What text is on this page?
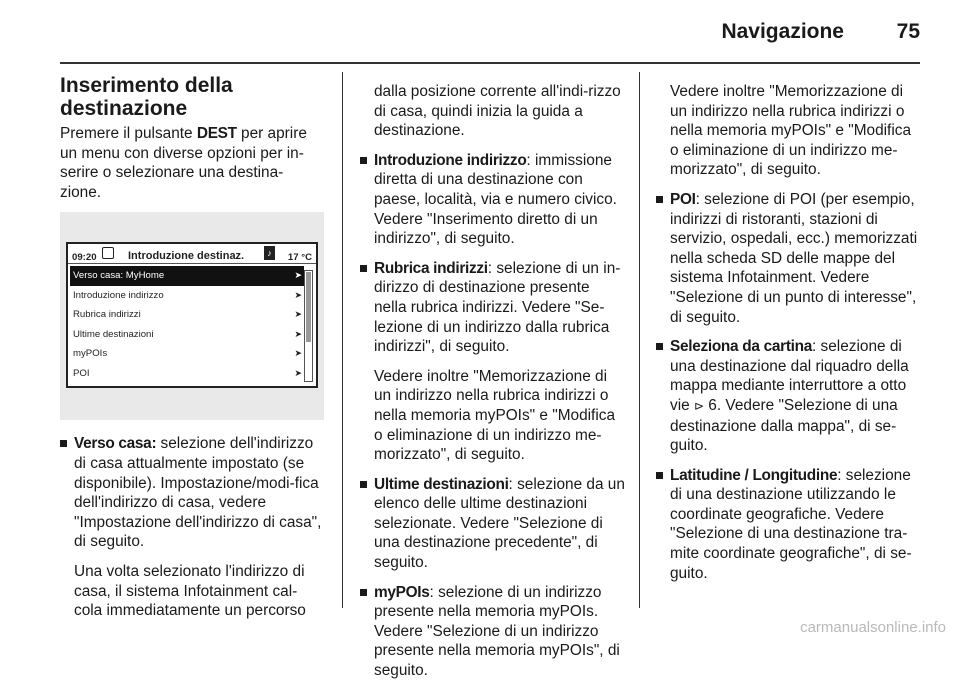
Navigazione	75
Inserimento della destinazione

Premere il pulsante DEST per aprire un menu con diverse opzioni per in-serire o selezionare una destina-zione.

09:20	Introduzione destinaz.	♪	17 °C
Verso casa: MyHome	➤
Introduzione indirizzo	➤
Rubrica indirizzi	➤
Ultime destinazioni	➤
myPOIs	➤
POI	➤
Verso casa: selezione dell'indirizzo di casa attualmente impostato (se disponibile). Impostazione/modi-fica dell'indirizzo di casa, vedere "Impostazione dell'indirizzo di casa", di seguito.
Una volta selezionato l'indirizzo di casa, il sistema Infotainment cal-cola immediatamente un percorso

dalla posizione corrente all'indi-rizzo di casa, quindi inizia la guida a destinazione.

Introduzione indirizzo: immissione diretta di una destinazione con paese, località, via e numero civico. Vedere "Inserimento diretto di un indirizzo", di seguito.
Rubrica indirizzi: selezione di un in-dirizzo di destinazione presente nella rubrica indirizzi. Vedere "Se-lezione di un indirizzo dalla rubrica indirizzi", di seguito.
Vedere inoltre "Memorizzazione di un indirizzo nella rubrica indirizzi o nella memoria myPOIs" e "Modifica o eliminazione di un indirizzo me-morizzato", di seguito.
Ultime destinazioni: selezione da un elenco delle ultime destinazioni selezionate. Vedere "Selezione di una destinazione precedente", di seguito.
myPOIs: selezione di un indirizzo presente nella memoria myPOIs. Vedere "Selezione di un indirizzo presente nella memoria myPOIs", di seguito.

Vedere inoltre "Memorizzazione di un indirizzo nella rubrica indirizzi o nella memoria myPOIs" e "Modifica o eliminazione di un indirizzo me-morizzato", di seguito.

POI: selezione di POI (per esempio, indirizzi di ristoranti, stazioni di servizio, ospedali, ecc.) memorizzati nella scheda SD delle mappe del sistema Infotainment. Vedere "Selezione di un punto di interesse", di seguito.
Seleziona da cartina: selezione di una destinazione dal riquadro della mappa mediante interruttore a otto vie ⊳ 6. Vedere "Selezione di una destinazione dalla mappa", di se-guito.
Latitudine / Longitudine: selezione di una destinazione utilizzando le coordinate geografiche. Vedere "Selezione di una destinazione tra-mite coordinate geografiche", di se-guito.
carmanualsonline.info
